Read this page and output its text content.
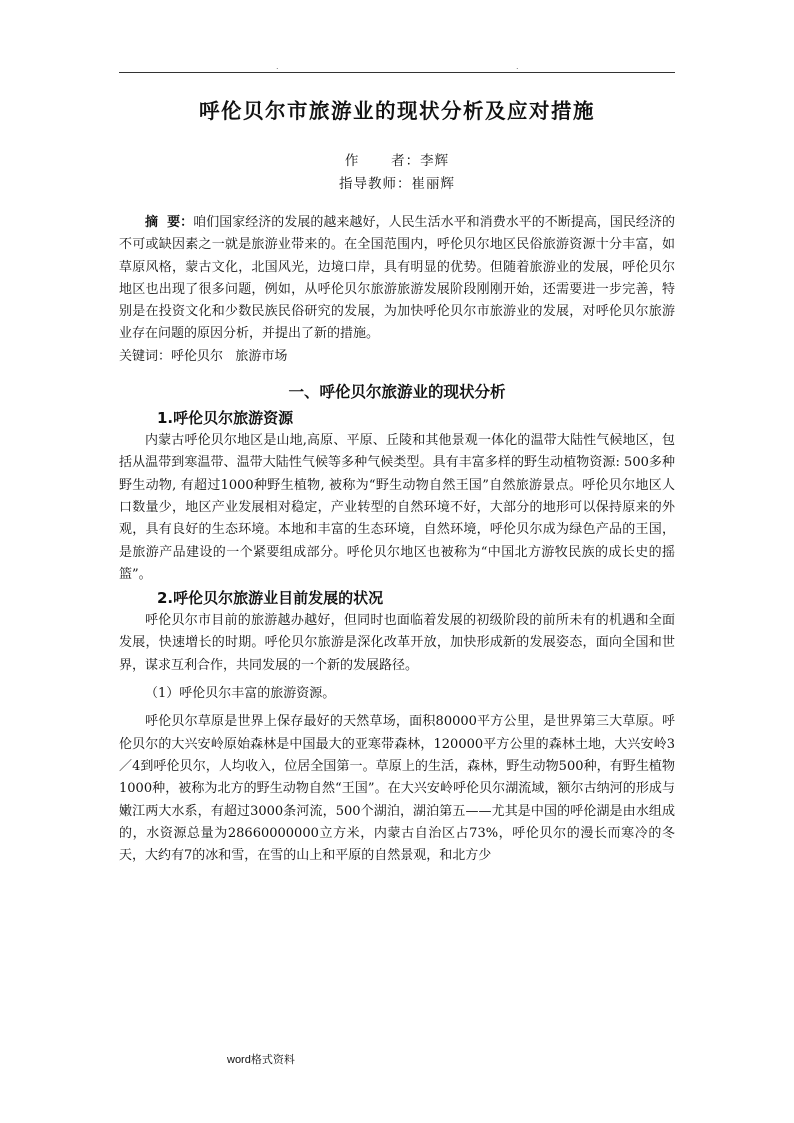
.	.
呼伦贝尔市旅游业的现状分析及应对措施
作      者：李辉
指导教师：崔丽辉

摘  要：咱们国家经济的发展的越来越好，人民生活水平和消费水平的不断提高，国民经济的不可或缺因素之一就是旅游业带来的。在全国范围内，呼伦贝尔地区民俗旅游资源十分丰富，如草原风格，蒙古文化，北国风光，边境口岸，具有明显的优势。但随着旅游业的发展，呼伦贝尔地区也出现了很多问题，例如，从呼伦贝尔旅游旅游发展阶段刚刚开始，还需要进一步完善，特别是在投资文化和少数民族民俗研究的发展，为加快呼伦贝尔市旅游业的发展，对呼伦贝尔旅游业存在问题的原因分析，并提出了新的措施。

关键词：呼伦贝尔   旅游市场

一、呼伦贝尔旅游业的现状分析
1.呼伦贝尔旅游资源

内蒙古呼伦贝尔地区是山地,高原、平原、丘陵和其他景观一体化的温带大陆性气候地区，包括从温带到寒温带、温带大陆性气候等多种气候类型。具有丰富多样的野生动植物资源: 500多种野生动物, 有超过1000种野生植物, 被称为“野生动物自然王国”自然旅游景点。呼伦贝尔地区人口数量少，地区产业发展相对稳定，产业转型的自然环境不好，大部分的地形可以保持原来的外观，具有良好的生态环境。本地和丰富的生态环境，自然环境，呼伦贝尔成为绿色产品的王国，是旅游产品建设的一个紧要组成部分。呼伦贝尔地区也被称为“中国北方游牧民族的成长史的摇篮”。

2.呼伦贝尔旅游业目前发展的状况

呼伦贝尔市目前的旅游越办越好，但同时也面临着发展的初级阶段的前所未有的机遇和全面发展，快速增长的时期。呼伦贝尔旅游是深化改革开放，加快形成新的发展姿态，面向全国和世界，谋求互利合作，共同发展的一个新的发展路径。

（1）呼伦贝尔丰富的旅游资源。

呼伦贝尔草原是世界上保存最好的天然草场，面积80000平方公里，是世界第三大草原。呼伦贝尔的大兴安岭原始森林是中国最大的亚寒带森林，120000平方公里的森林土地，大兴安岭3／4到呼伦贝尔，人均收入，位居全国第一。草原上的生活，森林，野生动物500种，有野生植物1000种，被称为北方的野生动物自然“王国”。在大兴安岭呼伦贝尔湖流域，额尔古纳河的形成与嫩江两大水系，有超过3000条河流，500个湖泊，湖泊第五——尤其是中国的呼伦湖是由水组成的，水资源总量为28660000000立方米，内蒙古自治区占73%，呼伦贝尔的漫长而寒冷的冬天，大约有7的冰和雪，在雪的山上和平原的自然景观，和北方少

word格式资料
